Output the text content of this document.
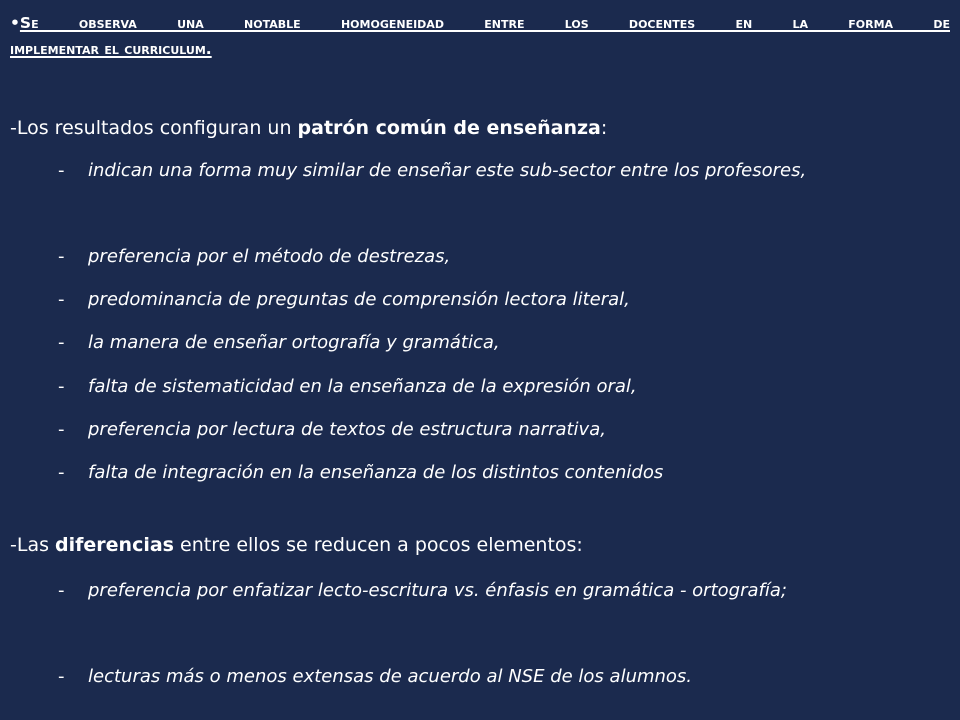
•Se observa una notable homogeneidad entre los docentes en la forma de
implementar el curriculum.

-Los resultados configuran un patrón común de enseñanza:

- indican una forma muy similar de enseñar este sub-sector entre los profesores,
- preferencia por el método de destrezas,
- predominancia de preguntas de comprensión lectora literal,
- la manera de enseñar ortografía y gramática,
- falta de sistematicidad en la enseñanza de la expresión oral,
- preferencia por lectura de textos de estructura narrativa,
- falta de integración en la enseñanza de los distintos contenidos

-Las diferencias entre ellos se reducen a pocos elementos:

- preferencia por enfatizar lecto-escritura vs. énfasis en gramática - ortografía;
- lecturas más o menos extensas de acuerdo al NSE de los alumnos.
